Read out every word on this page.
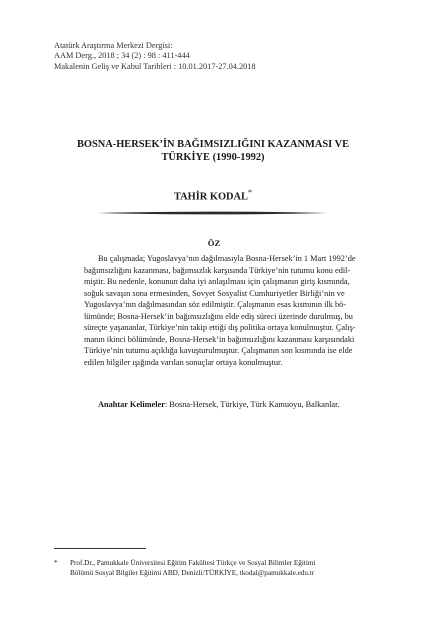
Atatürk Araştırma Merkezi Dergisi:
AAM Derg., 2018 ; 34 (2) : 98 : 411-444
Makalenin Geliş ve Kabul Tarihleri : 10.01.2017-27.04.2018
BOSNA-HERSEK’İN BAĞIMSIZLIĞINI KAZANMASI VE
TÜRKİYE (1990-1992)
TAHİR KODAL*
ÖZ
Bu çalışmada; Yugoslavya’nın dağılmasıyla Bosna-Hersek’in 1 Mart 1992’de
bağımsızlığını kazanması, bağımsızlık karşısında Türkiye’nin tutumu konu edil-
miştir. Bu nedenle, konunun daha iyi anlaşılması için çalışmanın giriş kısmında,
soğuk savaşın sona ermesinden, Sovyet Sosyalist Cumhuriyetler Birliği’nin ve
Yugoslavya’nın dağılmasından söz edilmiştir. Çalışmanın esas kısmının ilk bö-
lümünde; Bosna-Hersek’in bağımsızlığını elde ediş süreci üzerinde durulmuş, bu
süreçte yaşananlar, Türkiye’nin takip ettiği dış politika ortaya konulmuştur. Çalış-
manın ikinci bölümünde, Bosna-Hersek’in bağımsızlığını kazanması karşısındaki
Türkiye’nin tutumu açıklığa kavuşturulmuştur. Çalışmanın son kısmında ise elde
edilen bilgiler ışığında varılan sonuçlar ortaya konulmuştur.
Anahtar Kelimeler: Bosna-Hersek, Türkiye, Türk Kamuoyu, Balkanlar.
* Prof.Dr., Pamukkale Üniversitesi Eğitim Fakültesi Türkçe ve Sosyal Bilimler Eğitimi
Bölümü Sosyal Bilgiler Eğitimi ABD, Denizli/TÜRKİYE, tkodal@pamukkale.edu.tr
